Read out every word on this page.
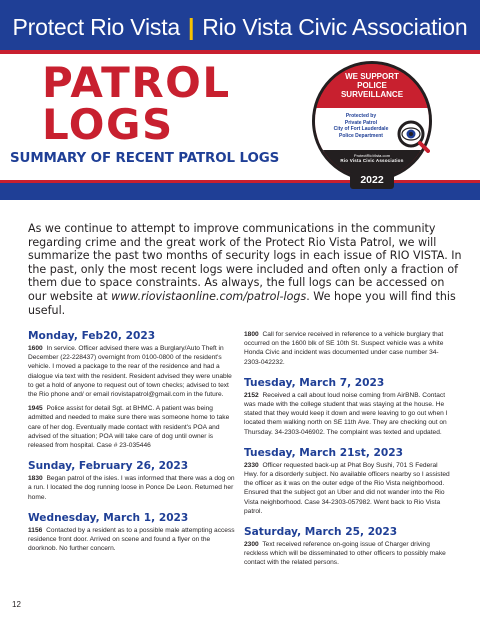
Protect Rio Vista | Rio Vista Civic Association
PATROL
LOGS
SUMMARY OF RECENT PATROL LOGS
WE SUPPORT
POLICE
SURVEILLANCE
Protected by
Private Patrol
City of Fort Lauderdale
Police Department
ProtectRioVista.com
Rio Vista Civic Association
2022
As we continue to attempt to improve communications in the community regarding crime and the great work of the Protect Rio Vista Patrol, we will summarize the past two months of security logs in each issue of RIO VISTA. In the past, only the most recent logs were included and often only a fraction of them due to space constraints. As always, the full logs can be accessed on our website at www.riovistaonline.com/patrol-logs. We hope you will find this useful.
Monday, Feb20, 2023

1600 In service. Officer advised there was a Burglary/Auto Theft in December (22-228437) overnight from 0100-0800 of the resident's vehicle. I moved a package to the rear of the residence and had a dialogue via text with the resident. Resident advised they were unable to get a hold of anyone to request out of town checks; advised to text the Rio phone and/ or email riovistapatrol@gmail.com in the future.

1945 Police assist for detail Sgt. at BHMC. A patient was being admitted and needed to make sure there was someone home to take care of her dog. Eventually made contact with resident's POA and advised of the situation; POA will take care of dog until owner is released from hospital. Case # 23-035446

Sunday, February 26, 2023

1830 Began patrol of the isles. I was informed that there was a dog on a run. I located the dog running loose in Ponce De Leon. Returned her home.

Wednesday, March 1, 2023

1156 Contacted by a resident as to a possible male attempting access residence front door. Arrived on scene and found a flyer on the doorknob. No further concern.

1800 Call for service received in reference to a vehicle burglary that occurred on the 1600 blk of SE 10th St. Suspect vehicle was a white Honda Civic and incident was documented under case number 34-2303-042232.

Tuesday, March 7, 2023

2152 Received a call about loud noise coming from AirBNB. Contact was made with the college student that was staying at the house. He stated that they would keep it down and were leaving to go out when I located them walking north on SE 11th Ave. They are checking out on Thursday. 34-2303-046902. The complaint was texted and updated.

Tuesday, March 21st, 2023

2330 Officer requested back-up at Phat Boy Sushi, 701 S Federal Hwy. for a disorderly subject. No available officers nearby so I assisted the officer as it was on the outer edge of the Rio Vista neighborhood. Ensured that the subject got an Uber and did not wander into the Rio Vista neighborhood. Case 34-2303-057982. Went back to Rio Vista patrol.

Saturday, March 25, 2023

2300 Text received reference on-going issue of Charger driving reckless which will be disseminated to other officers to possibly make contact with the related persons.

12
